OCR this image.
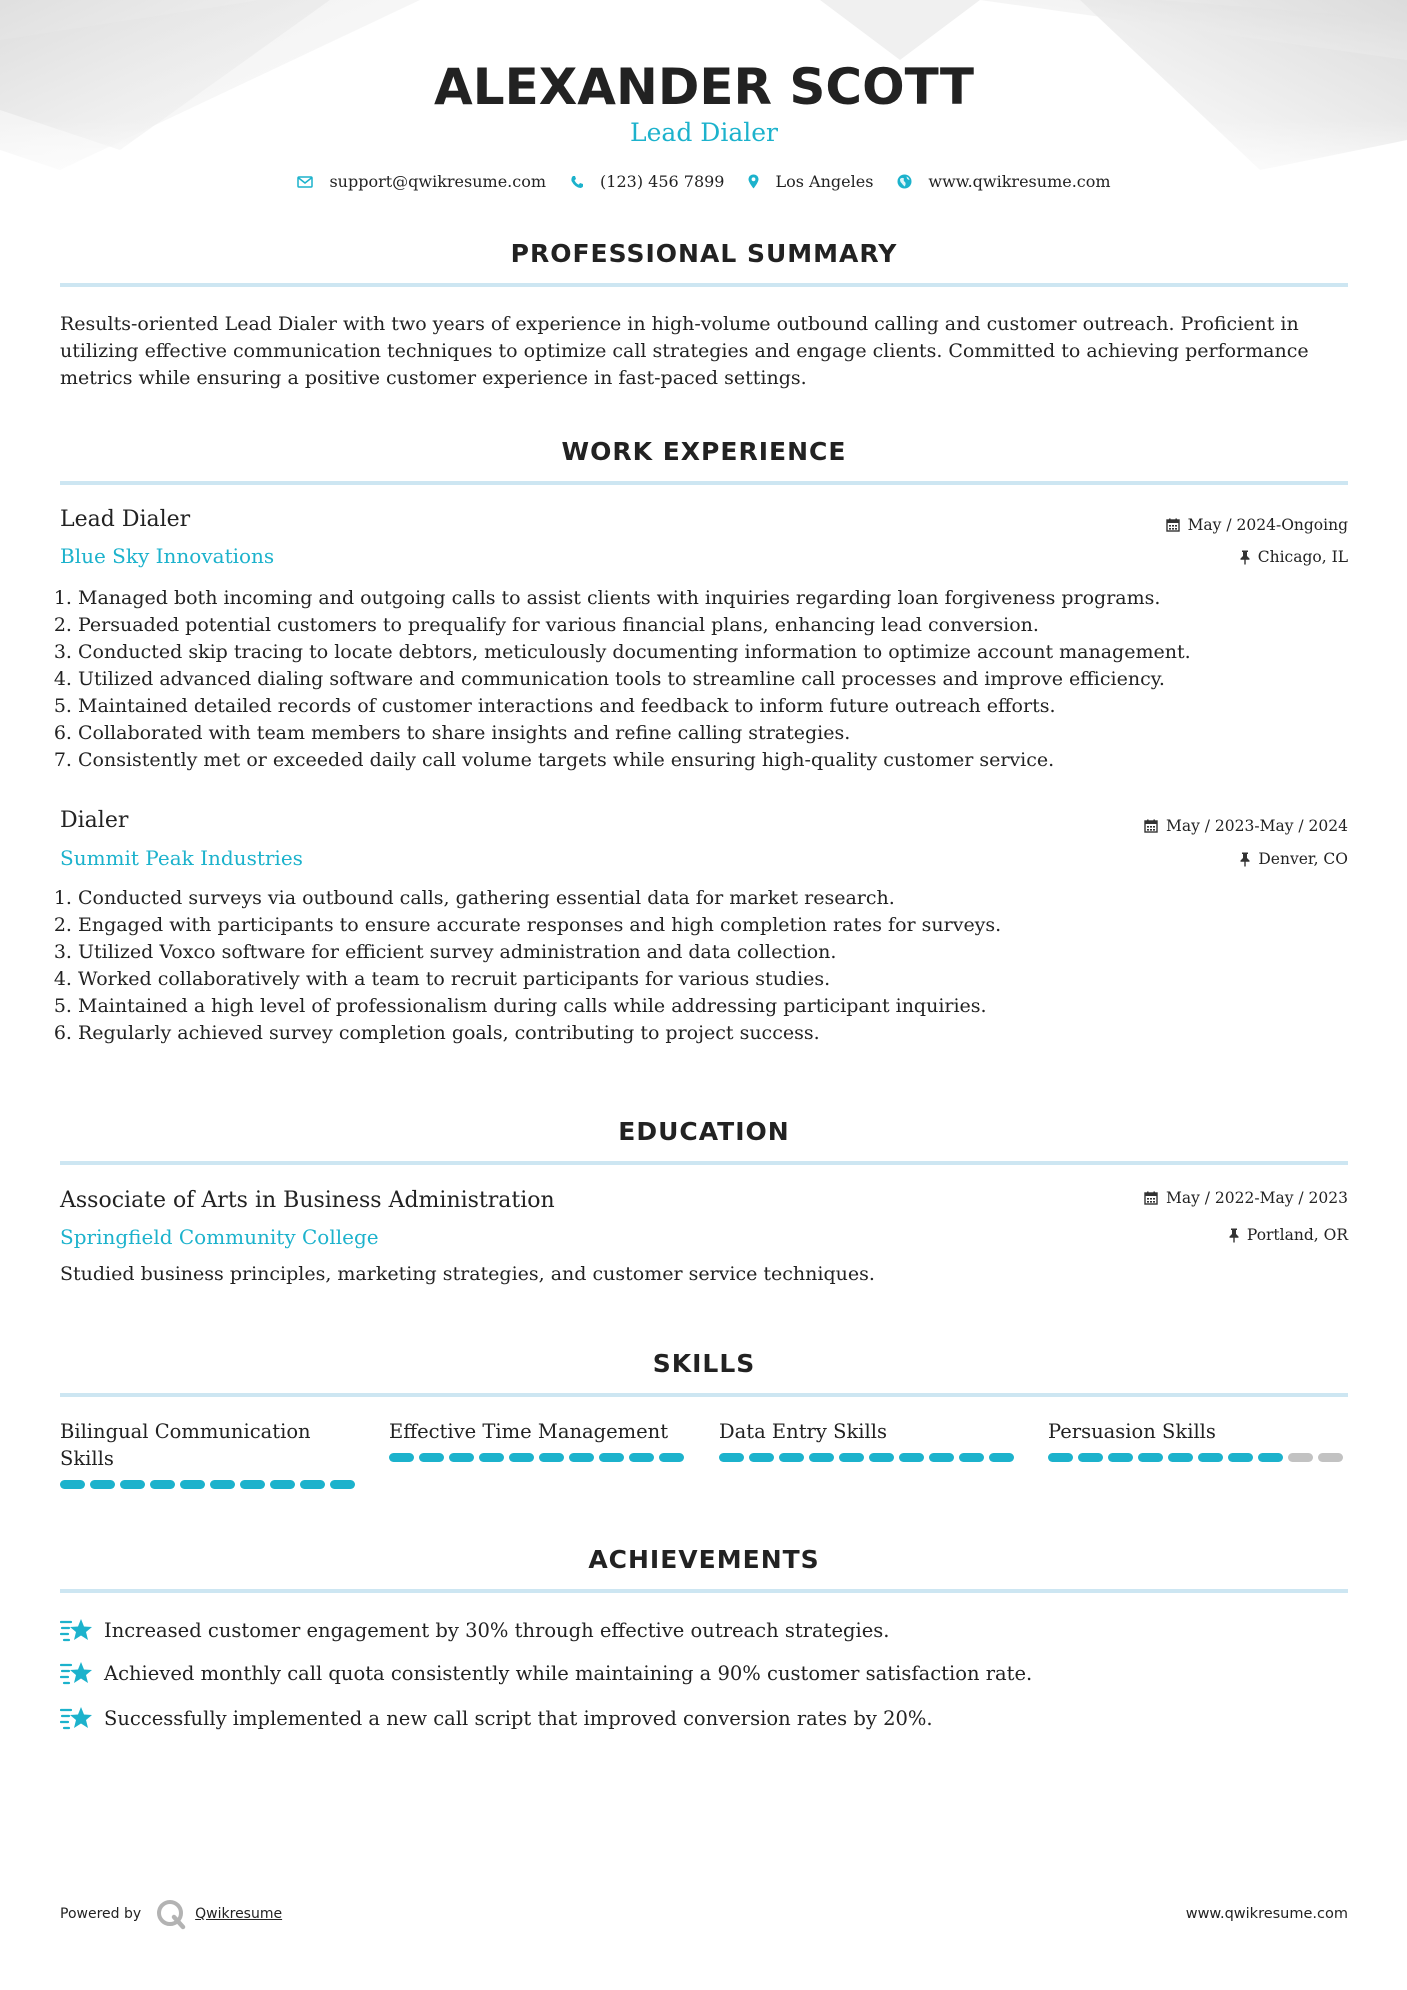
ALEXANDER SCOTT
Lead Dialer
support@qwikresume.com	(123) 456 7899	Los Angeles	www.qwikresume.com
PROFESSIONAL SUMMARY

Results-oriented Lead Dialer with two years of experience in high-volume outbound calling and customer outreach. Proficient in utilizing effective communication techniques to optimize call strategies and engage clients. Committed to achieving performance metrics while ensuring a positive customer experience in fast-paced settings.

WORK EXPERIENCE
Lead Dialer	May / 2024-Ongoing
Blue Sky Innovations	Chicago, IL
1. Managed both incoming and outgoing calls to assist clients with inquiries regarding loan forgiveness programs.
2. Persuaded potential customers to prequalify for various financial plans, enhancing lead conversion.
3. Conducted skip tracing to locate debtors, meticulously documenting information to optimize account management.
4. Utilized advanced dialing software and communication tools to streamline call processes and improve efficiency.
5. Maintained detailed records of customer interactions and feedback to inform future outreach efforts.
6. Collaborated with team members to share insights and refine calling strategies.
7. Consistently met or exceeded daily call volume targets while ensuring high-quality customer service.
Dialer	May / 2023-May / 2024
Summit Peak Industries	Denver, CO
1. Conducted surveys via outbound calls, gathering essential data for market research.
2. Engaged with participants to ensure accurate responses and high completion rates for surveys.
3. Utilized Voxco software for efficient survey administration and data collection.
4. Worked collaboratively with a team to recruit participants for various studies.
5. Maintained a high level of professionalism during calls while addressing participant inquiries.
6. Regularly achieved survey completion goals, contributing to project success.
EDUCATION
Associate of Arts in Business Administration	May / 2022-May / 2023
Springfield Community College	Portland, OR
Studied business principles, marketing strategies, and customer service techniques.
SKILLS
Bilingual Communication Skills
Effective Time Management	Data Entry Skills	Persuasion Skills
ACHIEVEMENTS
Increased customer engagement by 30% through effective outreach strategies.
Achieved monthly call quota consistently while maintaining a 90% customer satisfaction rate.
Successfully implemented a new call script that improved conversion rates by 20%.
Powered by	Qwikresume	www.qwikresume.com
